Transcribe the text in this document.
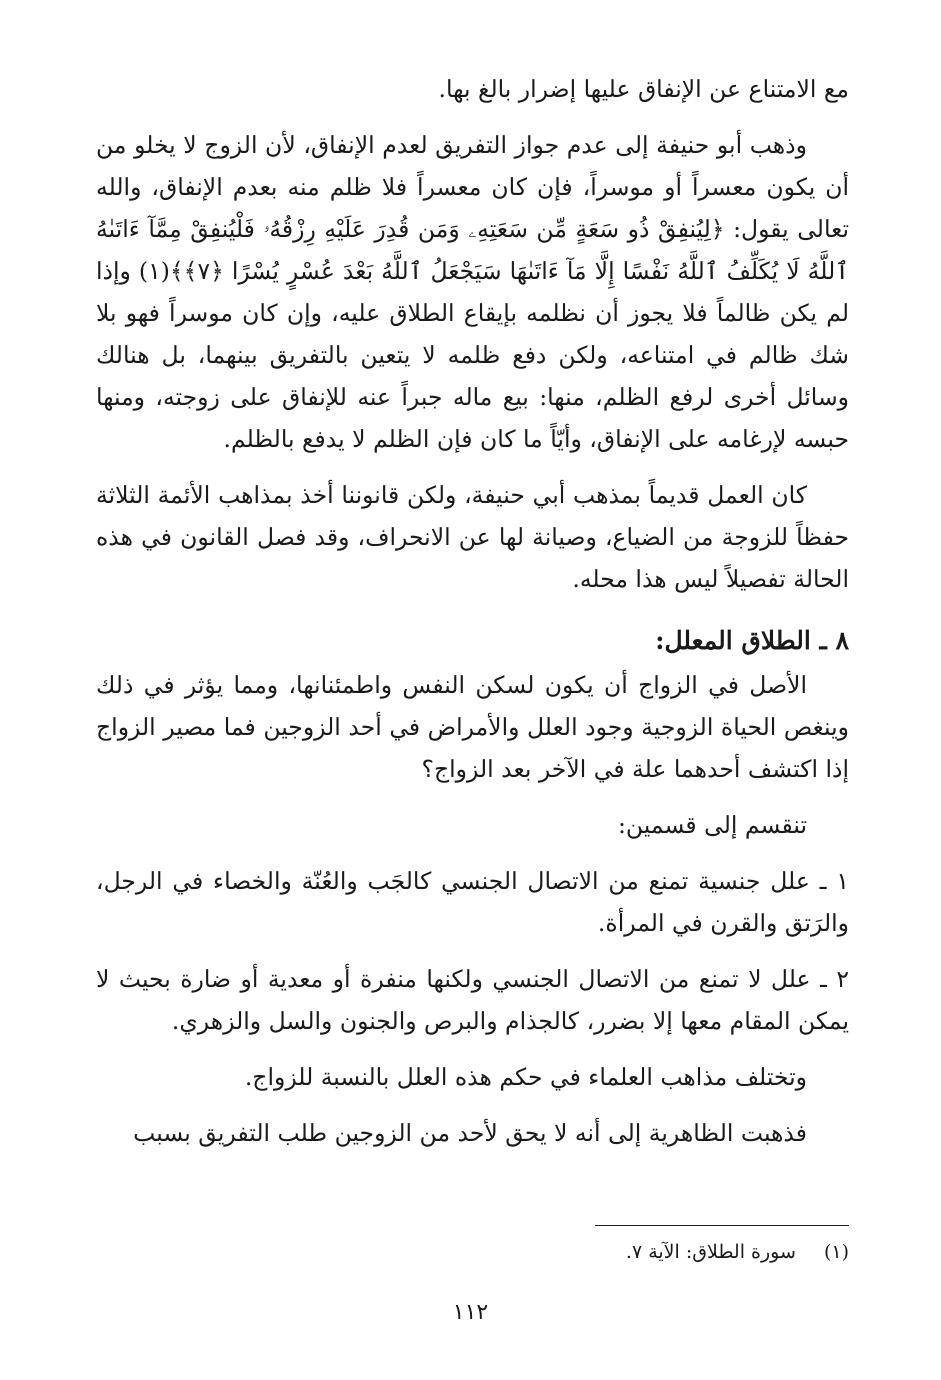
مع الامتناع عن الإنفاق عليها إضرار بالغ بها.

وذهب أبو حنيفة إلى عدم جواز التفريق لعدم الإنفاق، لأن الزوج لا يخلو من أن يكون معسراً أو موسراً، فإن كان معسراً فلا ظلم منه بعدم الإنفاق، والله تعالى يقول: ﴿لِيُنفِقْ ذُو سَعَةٍ مِّن سَعَتِهِۦ وَمَن قُدِرَ عَلَيْهِ رِزْقُهُۥ فَلْيُنفِقْ مِمَّآ ءَاتَىٰهُ ٱللَّهُ لَا يُكَلِّفُ ٱللَّهُ نَفْسًا إِلَّا مَآ ءَاتَىٰهَا سَيَجْعَلُ ٱللَّهُ بَعْدَ عُسْرٍ يُسْرًا ﴿٧﴾﴾(١) وإذا لم يكن ظالماً فلا يجوز أن نظلمه بإيقاع الطلاق عليه، وإن كان موسراً فهو بلا شك ظالم في امتناعه، ولكن دفع ظلمه لا يتعين بالتفريق بينهما، بل هنالك وسائل أخرى لرفع الظلم، منها: بيع ماله جبراً عنه للإنفاق على زوجته، ومنها حبسه لإرغامه على الإنفاق، وأيّاً ما كان فإن الظلم لا يدفع بالظلم.

كان العمل قديماً بمذهب أبي حنيفة، ولكن قانوننا أخذ بمذاهب الأئمة الثلاثة حفظاً للزوجة من الضياع، وصيانة لها عن الانحراف، وقد فصل القانون في هذه الحالة تفصيلاً ليس هذا محله.

٨ ـ الطلاق المعلل:

الأصل في الزواج أن يكون لسكن النفس واطمئنانها، ومما يؤثر في ذلك وينغص الحياة الزوجية وجود العلل والأمراض في أحد الزوجين فما مصير الزواج إذا اكتشف أحدهما علة في الآخر بعد الزواج؟

تنقسم إلى قسمين:

١ ـ علل جنسية تمنع من الاتصال الجنسي كالجَب والعُنّة والخصاء في الرجل، والرَتق والقرن في المرأة.

٢ ـ علل لا تمنع من الاتصال الجنسي ولكنها منفرة أو معدية أو ضارة بحيث لا يمكن المقام معها إلا بضرر، كالجذام والبرص والجنون والسل والزهري.

وتختلف مذاهب العلماء في حكم هذه العلل بالنسبة للزواج.

فذهبت الظاهرية إلى أنه لا يحق لأحد من الزوجين طلب التفريق بسبب

(١) سورة الطلاق: الآية ٧.
١١٢
